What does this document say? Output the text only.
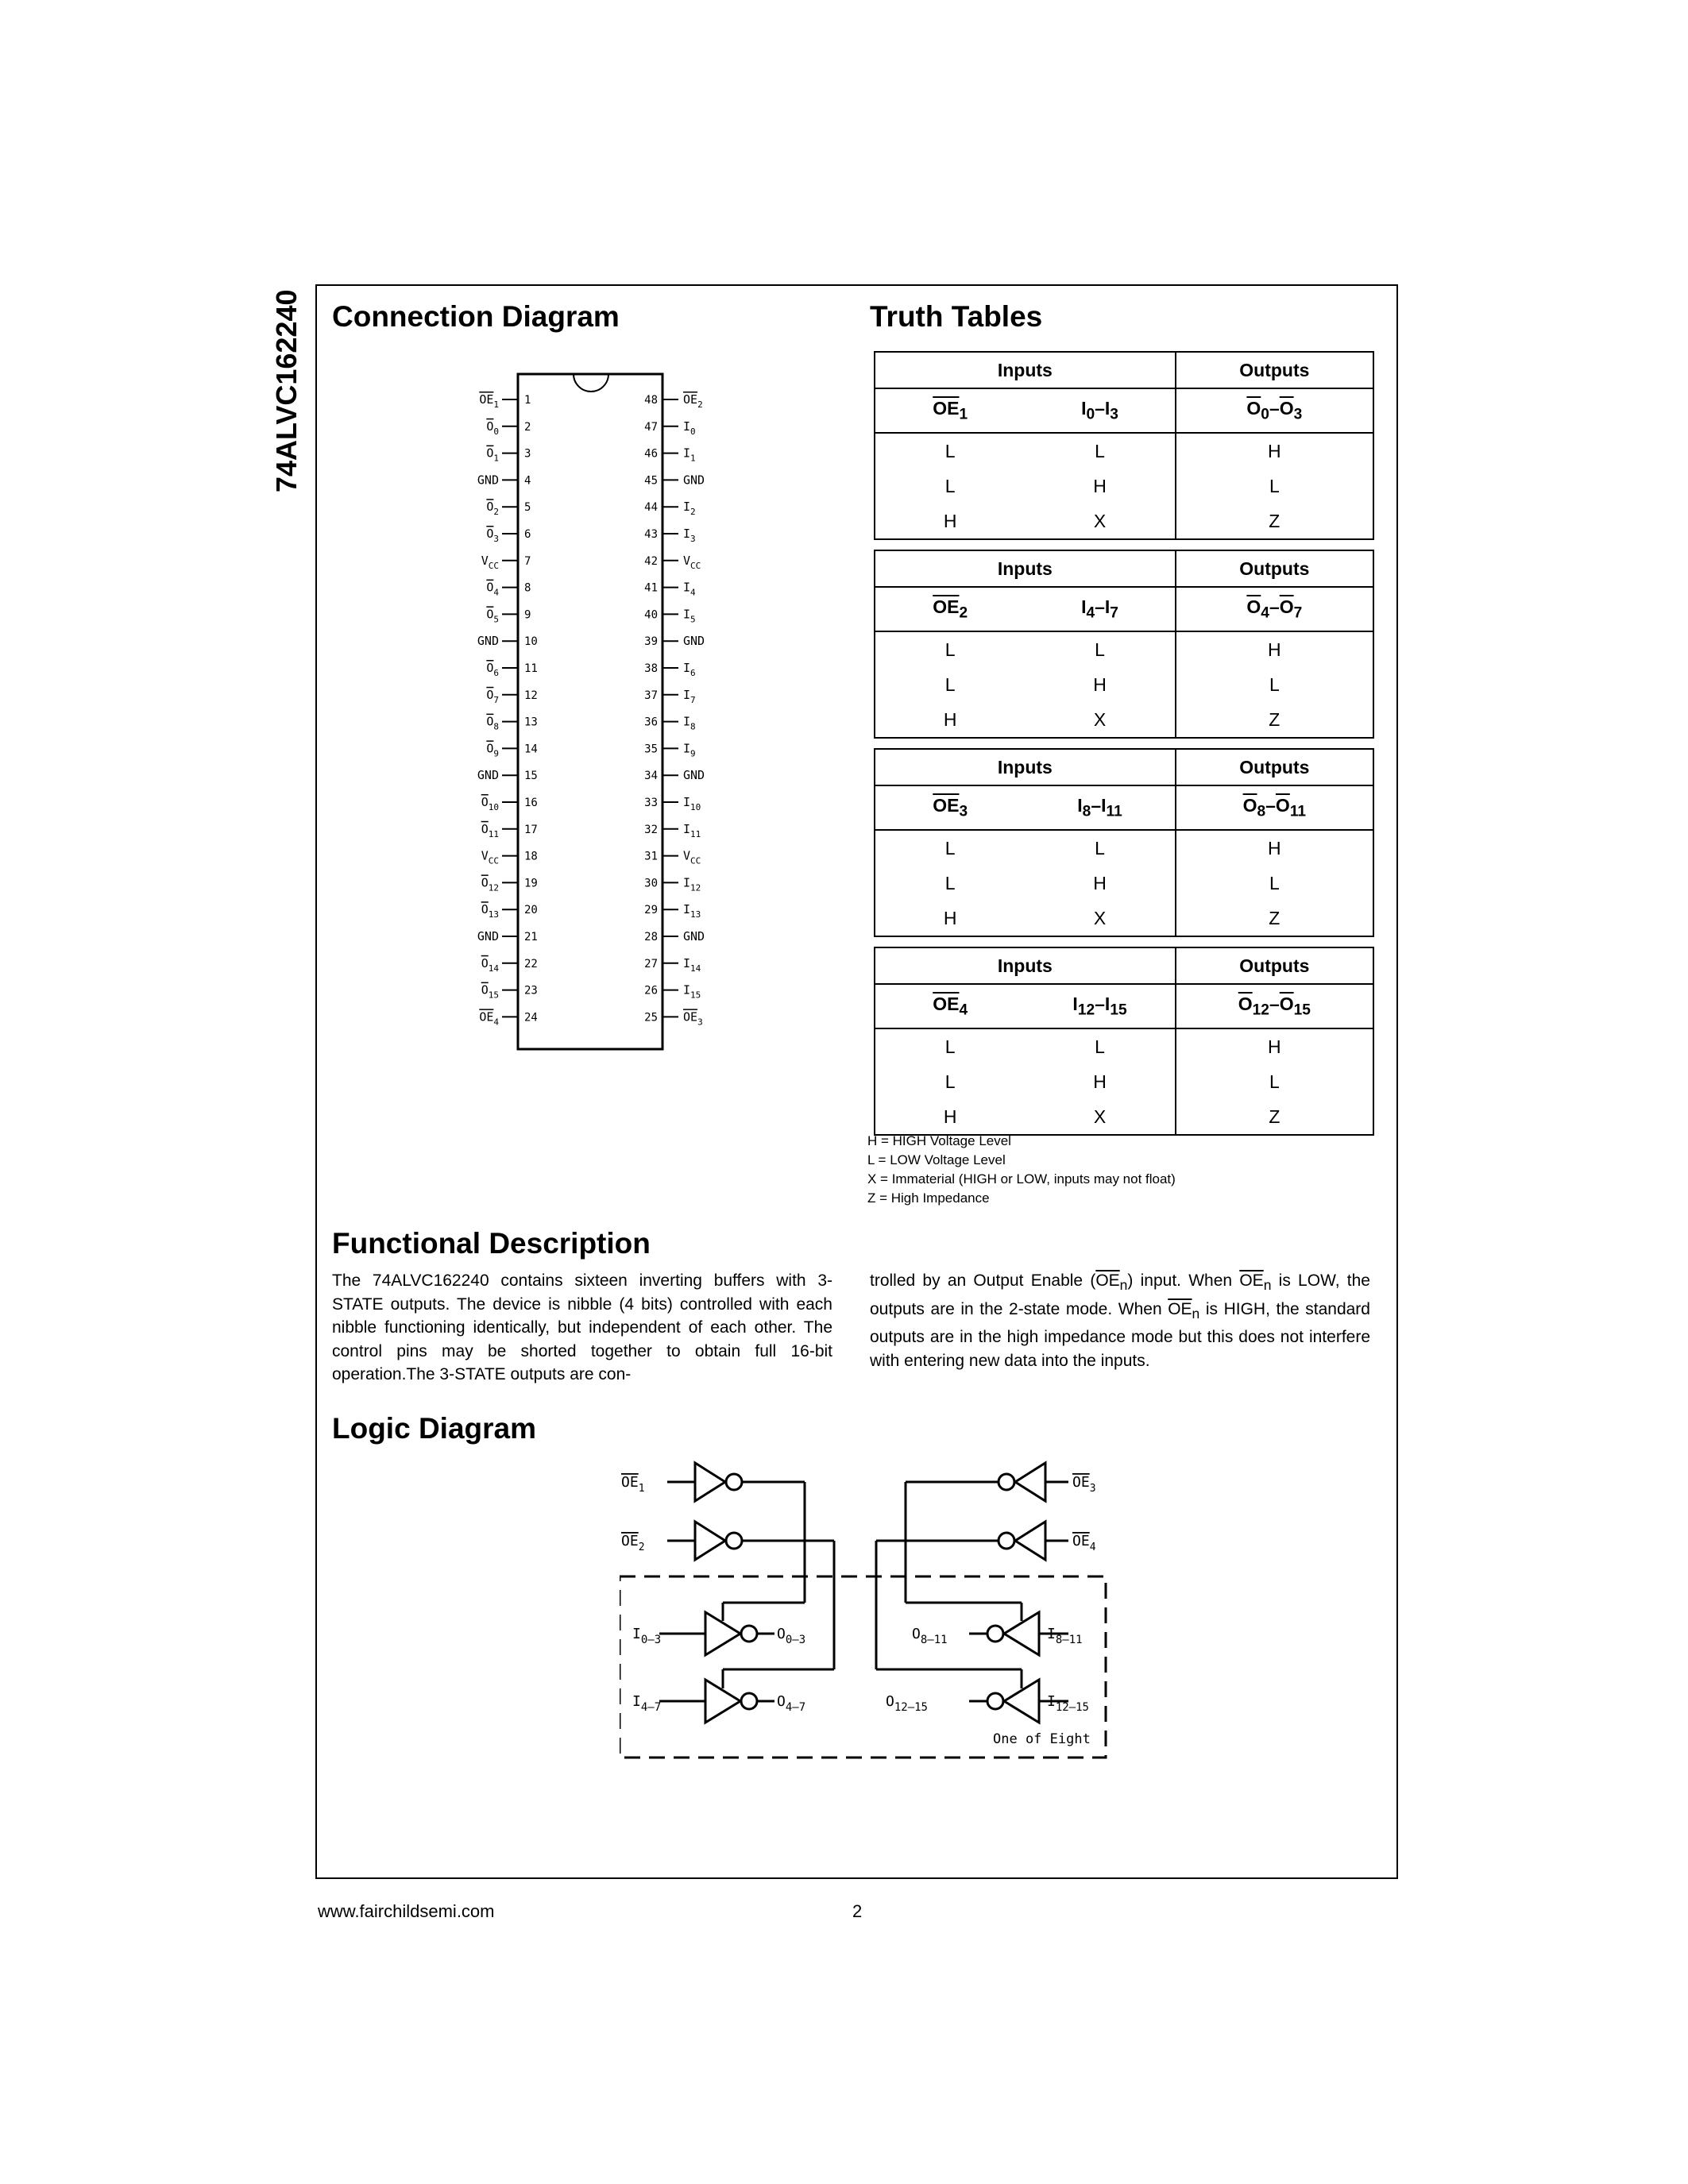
74ALVC162240 Connection Diagram	Truth Tables
$OE_1$ 1
$O_0$ 2
$O_1$ 3
GND 4
$O_2$ 5
$O_3$ 6
$V_{CC}$ 7
$O_4$ 8
$O_5$ 9
GND 10
$O_6$ 11
$O_7$ 12
$O_8$ 13
$O_9$ 14
GND 15
$O_{10}$ 16
$O_{11}$ 17
$V_{CC}$ 18
$O_{12}$ 19
$O_{13}$ 20
GND 21
$O_{14}$ 22
$O_{15}$ 23
$OE_4$ 24
48 $OE_2$
47 $I_0$
46 $I_1$
45 GND
44 $I_2$
43 $I_3$
42 $V_{CC}$
41 $I_4$
40 $I_5$
39 GND
38 $I_6$
37 $I_7$
36 $I_8$
35 $I_9$
34 GND
33 $I_{10}$
32 $I_{11}$
31 $V_{CC}$
30 $I_{12}$
29 $I_{13}$
28 GND
27 $I_{14}$
26 $I_{15}$
25 $OE_3$
Inputs		Outputs
$\overline{OE}_1$	$I_0-I_3$	$\overline{O}_0-\overline{O}_3$
L	L	H
L	H	L
H	X	Z
Inputs		Outputs
$\overline{OE}_2$	$I_4-I_7$	$\overline{O}_4-\overline{O}_7$
L	L	H
L	H	L
H	X	Z
Inputs		Outputs
$\overline{OE}_3$	$I_8-I_{11}$	$\overline{O}_8-\overline{O}_{11}$
L	L	H
L	H	L
H	X	Z
Inputs		Outputs
$\overline{OE}_4$	$I_{12}-I_{15}$	$\overline{O}_{12}-\overline{O}_{15}$
L	L	H
L	H	L
H	X	Z
H = HIGH Voltage Level
L = LOW Voltage Level
X = Immaterial (HIGH or LOW, inputs may not float)
Z = High Impedance
Functional Description
The 74ALVC162240 contains sixteen inverting buffers with 3-STATE outputs. The device is nibble (4 bits) controlled with each nibble functioning identically, but independent of each other. The control pins may be shorted together to obtain full 16-bit operation.The 3-STATE outputs are con-
trolled by an Output Enable $(\overline{OE}_n)$ input. When $\overline{OE}_n$ is LOW, the outputs are in the 2-state mode. When $\overline{OE}_n$ is HIGH, the standard outputs are in the high impedance mode but this does not interfere with entering new data into the inputs.
Logic Diagram
$OE_1$
$OE_2$
$I_{0-3}$	$O_{0-3}$
$I_{4-7}$	$O_{4-7}$
$OE_3$
$OE_4$
$O_{8-11}$	$I_{8-11}$
$O_{12-15}$	$I_{12-15}$
One of Eight
www.fairchildsemi.com	2
